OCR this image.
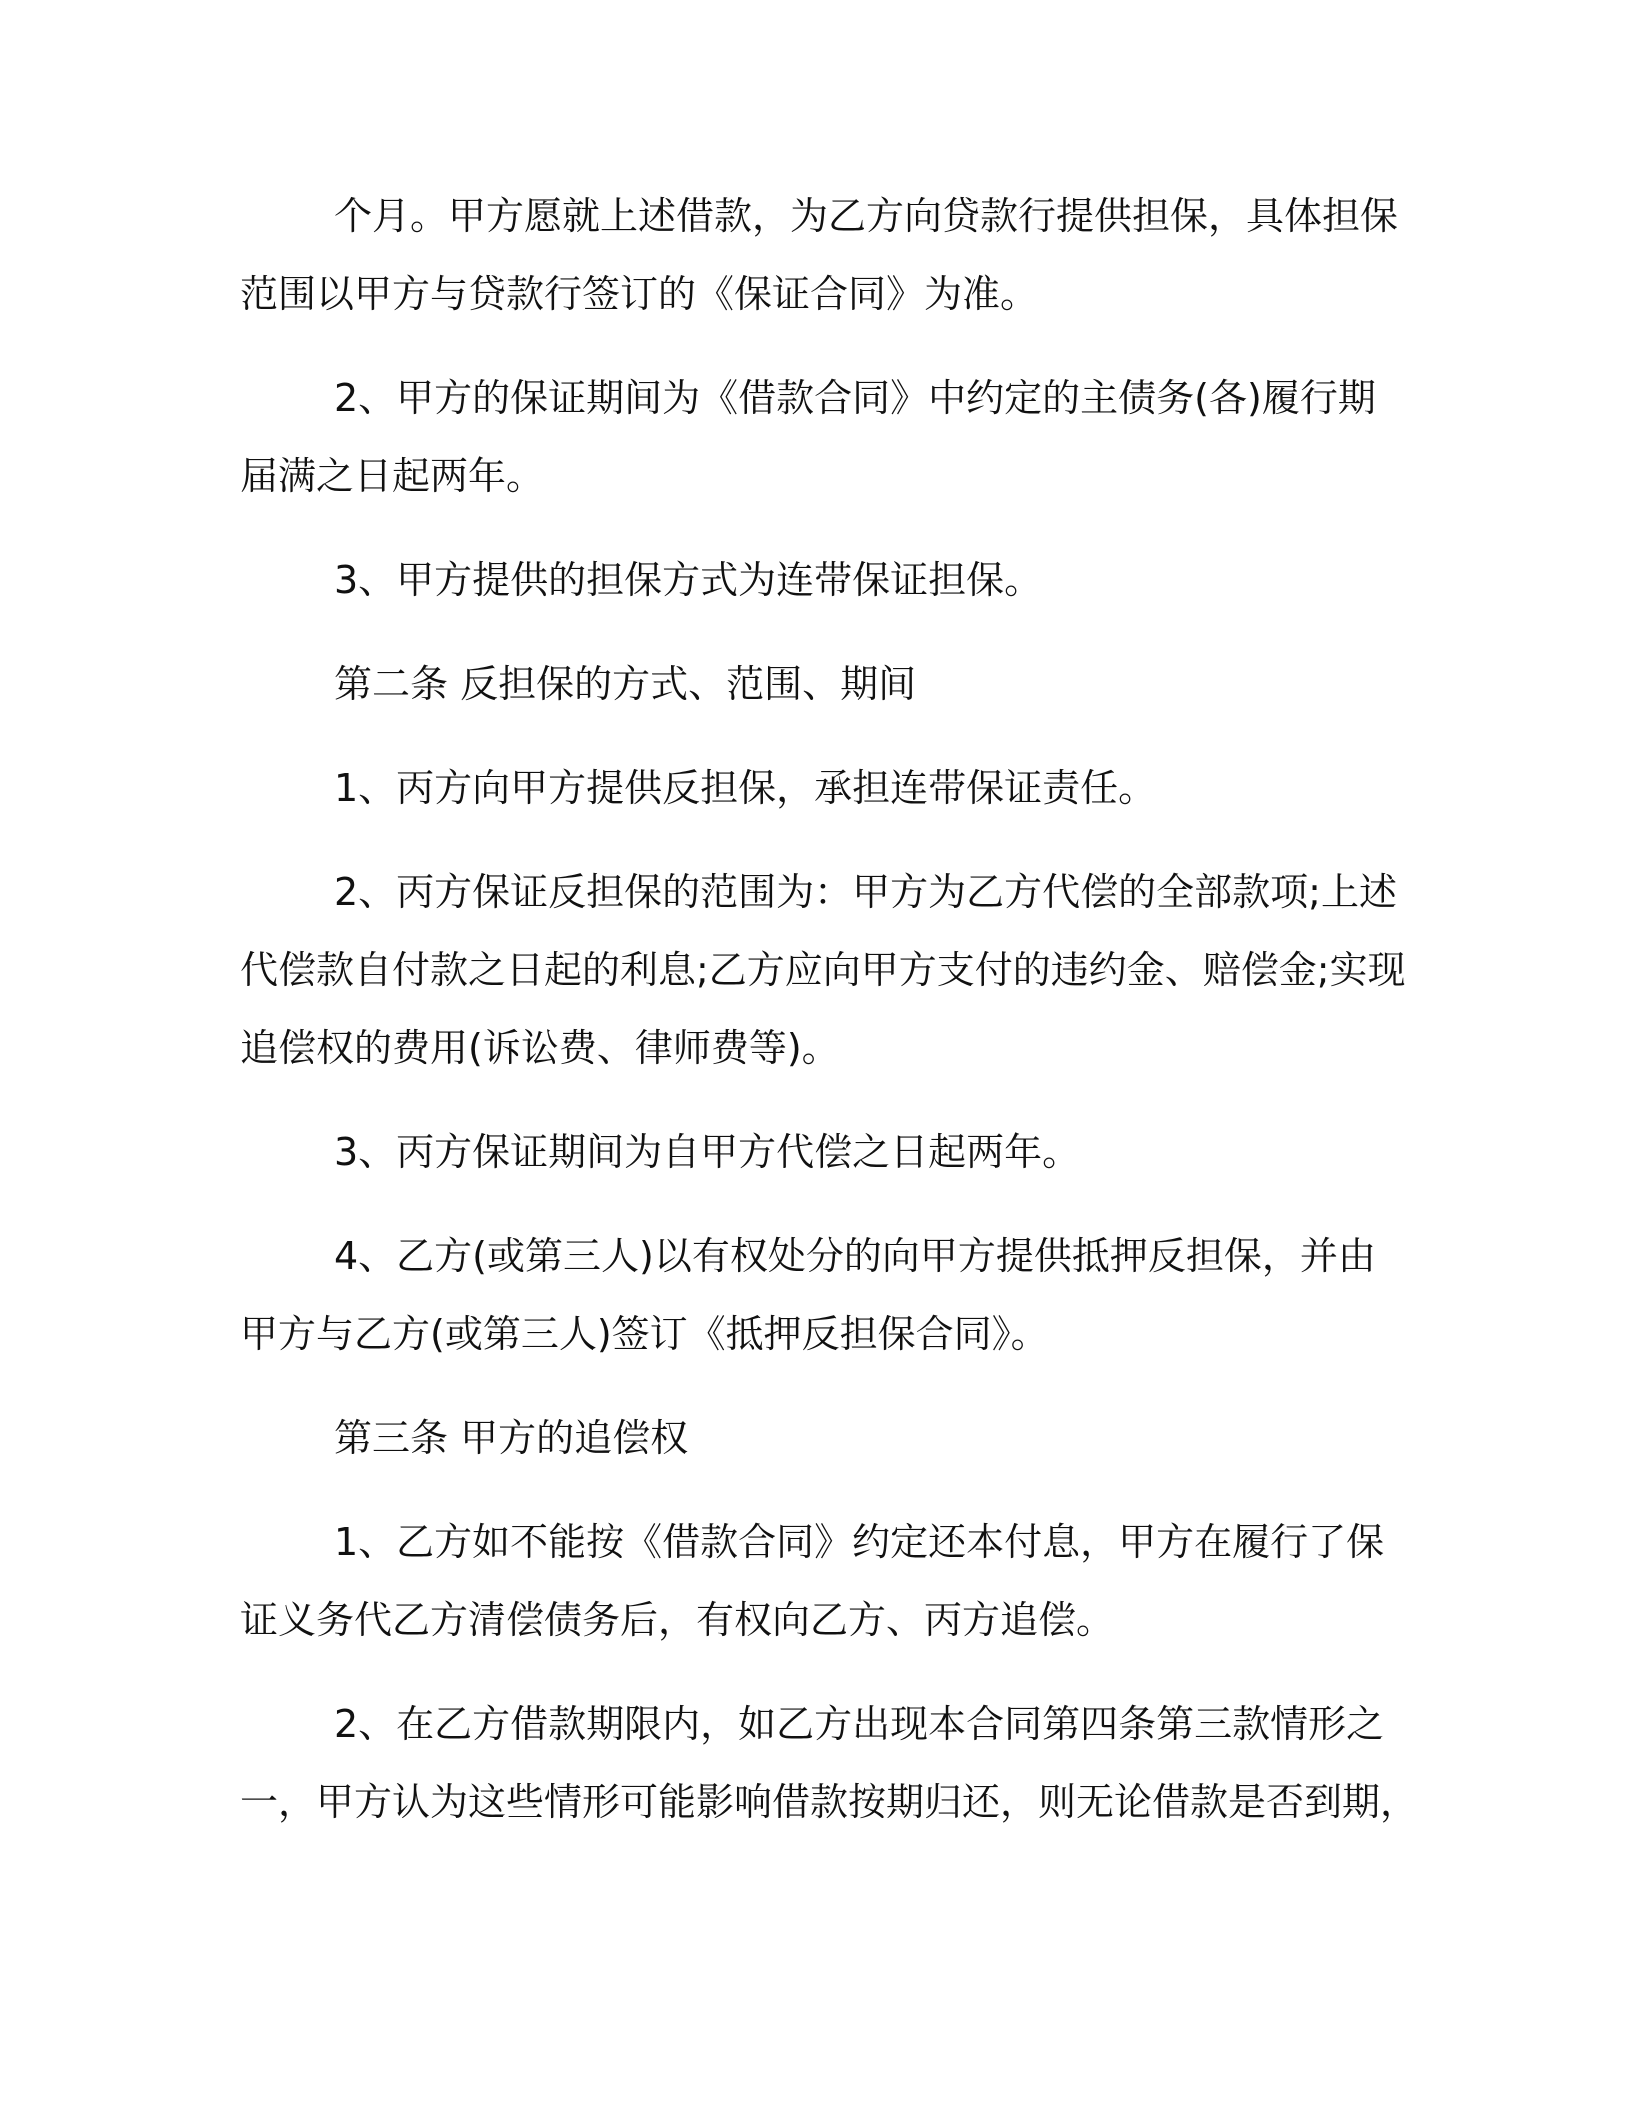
个月。甲方愿就上述借款，为乙方向贷款行提供担保，具体担保
范围以甲方与贷款行签订的《保证合同》为准。
2、甲方的保证期间为《借款合同》中约定的主债务(各)履行期
届满之日起两年。
3、甲方提供的担保方式为连带保证担保。
第二条 反担保的方式、范围、期间
1、丙方向甲方提供反担保，承担连带保证责任。
2、丙方保证反担保的范围为：甲方为乙方代偿的全部款项;上述
代偿款自付款之日起的利息;乙方应向甲方支付的违约金、赔偿金;实现
追偿权的费用(诉讼费、律师费等)。
3、丙方保证期间为自甲方代偿之日起两年。
4、乙方(或第三人)以有权处分的向甲方提供抵押反担保，并由
甲方与乙方(或第三人)签订《抵押反担保合同》。
第三条 甲方的追偿权
1、乙方如不能按《借款合同》约定还本付息，甲方在履行了保
证义务代乙方清偿债务后，有权向乙方、丙方追偿。
2、在乙方借款期限内，如乙方出现本合同第四条第三款情形之
一，甲方认为这些情形可能影响借款按期归还，则无论借款是否到期，
